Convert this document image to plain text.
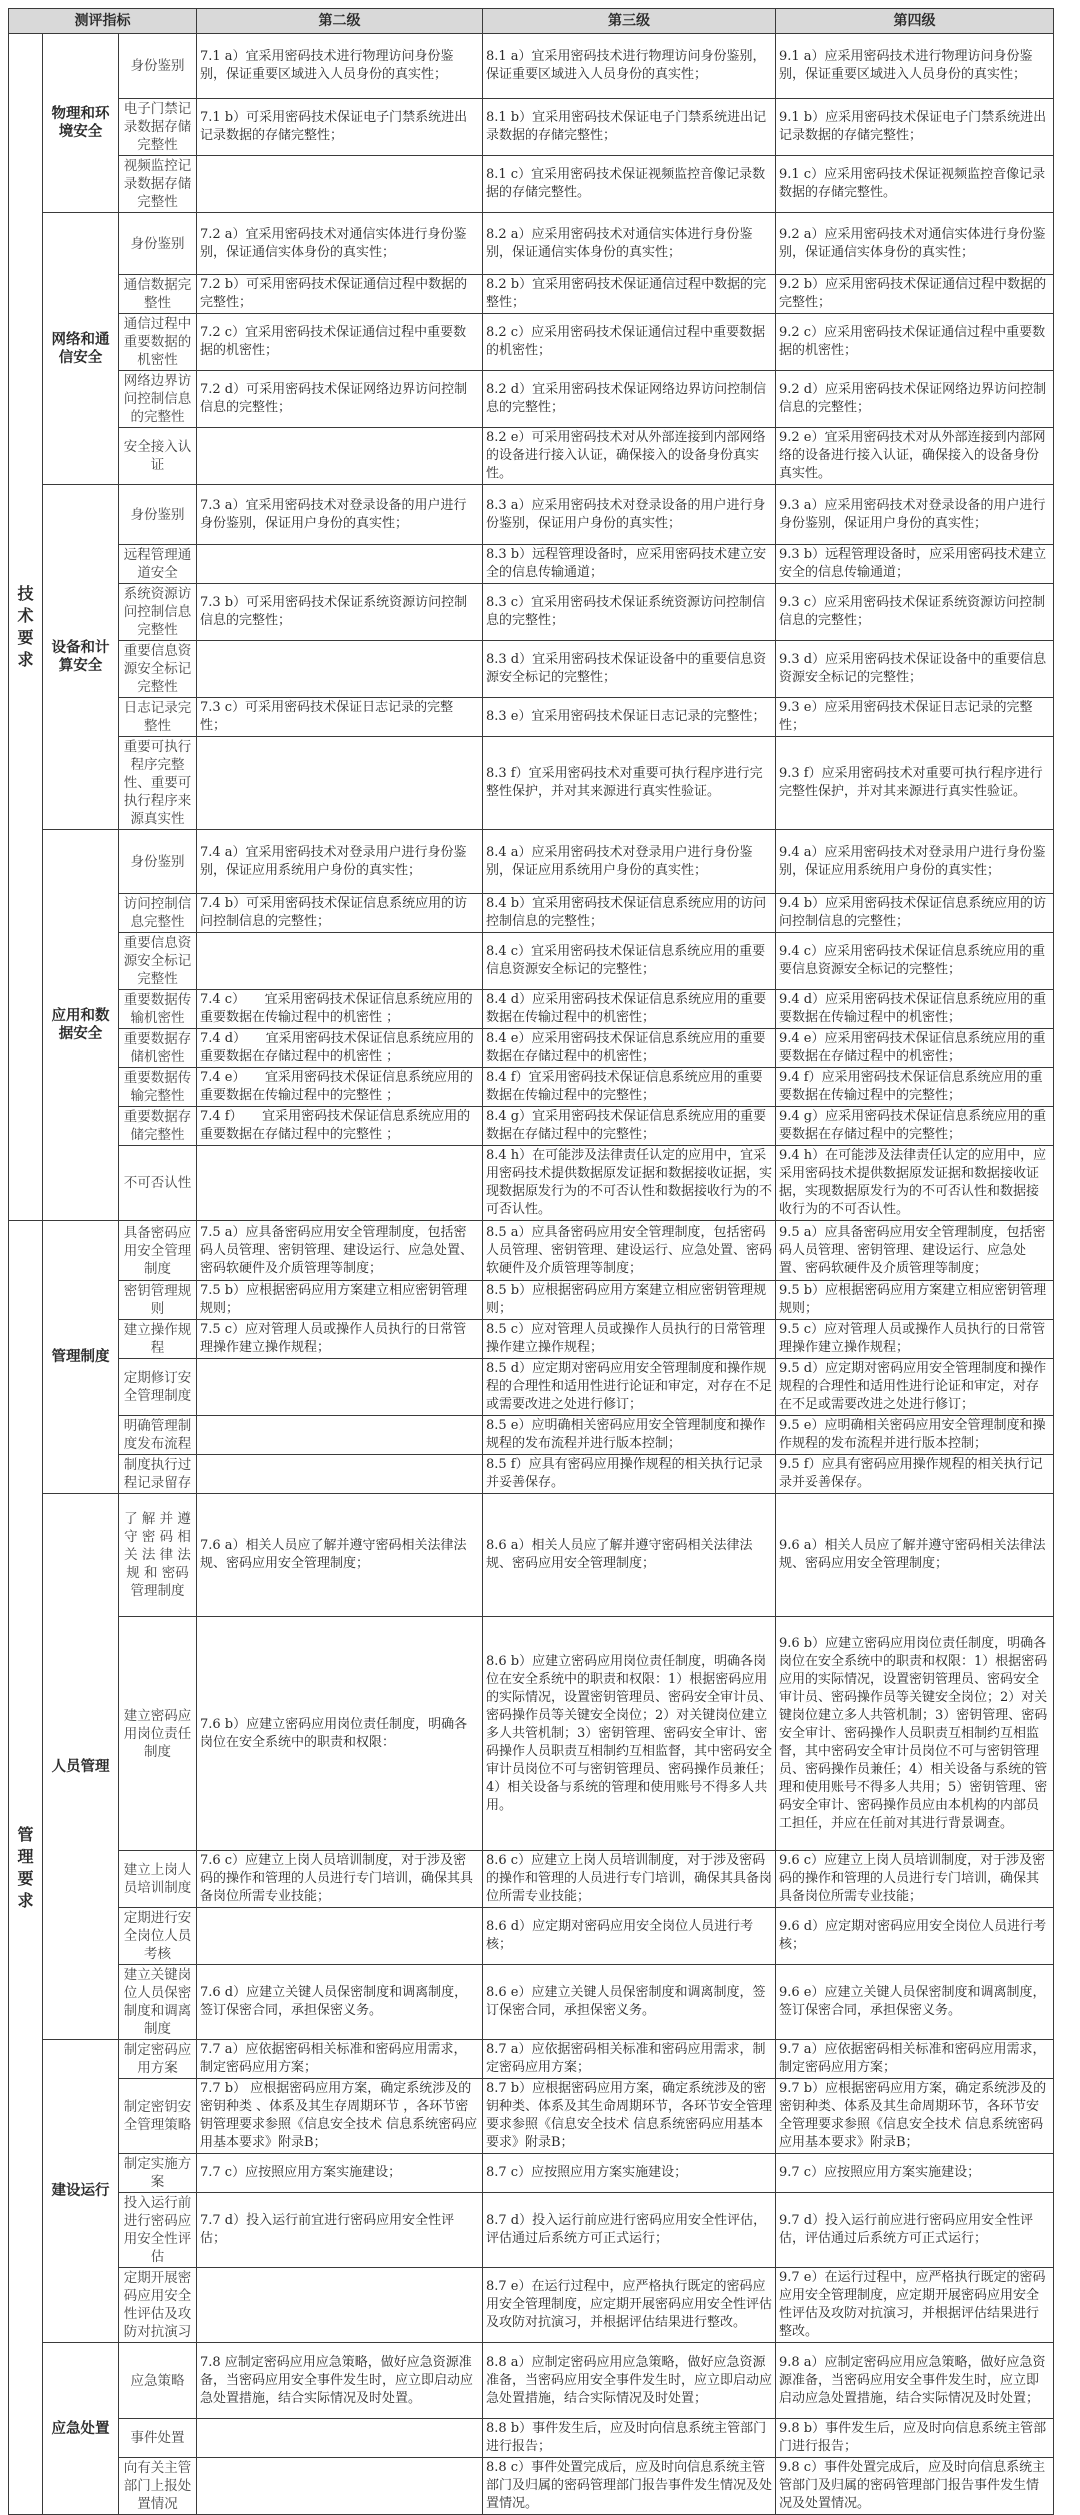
测评指标			第二级	第三级	第四级
技术要求	物理和环境安全	身份鉴别	7.1 a）宜采用密码技术进行物理访问身份鉴别，保证重要区域进入人员身份的真实性；	8.1 a）宜采用密码技术进行物理访问身份鉴别，保证重要区域进入人员身份的真实性；	9.1 a）应采用密码技术进行物理访问身份鉴别，保证重要区域进入人员身份的真实性；
		电子门禁记录数据存储完整性	7.1 b）可采用密码技术保证电子门禁系统进出记录数据的存储完整性；	8.1 b）宜采用密码技术保证电子门禁系统进出记录数据的存储完整性；	9.1 b）应采用密码技术保证电子门禁系统进出记录数据的存储完整性；
		视频监控记录数据存储完整性		8.1 c）宜采用密码技术保证视频监控音像记录数据的存储完整性。	9.1 c）应采用密码技术保证视频监控音像记录数据的存储完整性。
	网络和通信安全	身份鉴别	7.2 a）宜采用密码技术对通信实体进行身份鉴别，保证通信实体身份的真实性；	8.2 a）应采用密码技术对通信实体进行身份鉴别，保证通信实体身份的真实性；	9.2 a）应采用密码技术对通信实体进行身份鉴别，保证通信实体身份的真实性；
		通信数据完整性	7.2 b）可采用密码技术保证通信过程中数据的完整性；	8.2 b）宜采用密码技术保证通信过程中数据的完整性；	9.2 b）应采用密码技术保证通信过程中数据的完整性；
		通信过程中重要数据的机密性	7.2 c）宜采用密码技术保证通信过程中重要数据的机密性；	8.2 c）应采用密码技术保证通信过程中重要数据的机密性；	9.2 c）应采用密码技术保证通信过程中重要数据的机密性；
		网络边界访问控制信息的完整性	7.2 d）可采用密码技术保证网络边界访问控制信息的完整性；	8.2 d）宜采用密码技术保证网络边界访问控制信息的完整性；	9.2 d）应采用密码技术保证网络边界访问控制信息的完整性；
		安全接入认证		8.2 e）可采用密码技术对从外部连接到内部网络的设备进行接入认证，确保接入的设备身份真实性。	9.2 e）宜采用密码技术对从外部连接到内部网络的设备进行接入认证，确保接入的设备身份真实性。
	设备和计算安全	身份鉴别	7.3 a）宜采用密码技术对登录设备的用户进行身份鉴别，保证用户身份的真实性；	8.3 a）应采用密码技术对登录设备的用户进行身份鉴别，保证用户身份的真实性；	9.3 a）应采用密码技术对登录设备的用户进行身份鉴别，保证用户身份的真实性；
		远程管理通道安全		8.3 b）远程管理设备时，应采用密码技术建立安全的信息传输通道；	9.3 b）远程管理设备时，应采用密码技术建立安全的信息传输通道；
		系统资源访问控制信息完整性	7.3 b）可采用密码技术保证系统资源访问控制信息的完整性；	8.3 c）宜采用密码技术保证系统资源访问控制信息的完整性；	9.3 c）应采用密码技术保证系统资源访问控制信息的完整性；
		重要信息资源安全标记完整性		8.3 d）宜采用密码技术保证设备中的重要信息资源安全标记的完整性；	9.3 d）应采用密码技术保证设备中的重要信息资源安全标记的完整性；
		日志记录完整性	7.3 c）可采用密码技术保证日志记录的完整性；	8.3 e）宜采用密码技术保证日志记录的完整性；	9.3 e）应采用密码技术保证日志记录的完整性；
		重要可执行程序完整性、重要可执行程序来源真实性		8.3 f）宜采用密码技术对重要可执行程序进行完整性保护，并对其来源进行真实性验证。	9.3 f）应采用密码技术对重要可执行程序进行完整性保护，并对其来源进行真实性验证。
	应用和数据安全	身份鉴别	7.4 a）宜采用密码技术对登录用户进行身份鉴别，保证应用系统用户身份的真实性；	8.4 a）应采用密码技术对登录用户进行身份鉴别，保证应用系统用户身份的真实性；	9.4 a）应采用密码技术对登录用户进行身份鉴别，保证应用系统用户身份的真实性；
		访问控制信息完整性	7.4 b）可采用密码技术保证信息系统应用的访问控制信息的完整性；	8.4 b）宜采用密码技术保证信息系统应用的访问控制信息的完整性；	9.4 b）应采用密码技术保证信息系统应用的访问控制信息的完整性；
		重要信息资源安全标记完整性		8.4 c）宜采用密码技术保证信息系统应用的重要信息资源安全标记的完整性；	9.4 c）应采用密码技术保证信息系统应用的重要信息资源安全标记的完整性；
		重要数据传输机密性	7.4 c）　　宜采用密码技术保证信息系统应用的重要数据在传输过程中的机密性 ；	8.4 d）应采用密码技术保证信息系统应用的重要数据在传输过程中的机密性；	9.4 d）应采用密码技术保证信息系统应用的重要数据在传输过程中的机密性；
		重要数据存储机密性	7.4 d）　　宜采用密码技术保证信息系统应用的重要数据在存储过程中的机密性 ；	8.4 e）应采用密码技术保证信息系统应用的重要数据在存储过程中的机密性；	9.4 e）应采用密码技术保证信息系统应用的重要数据在存储过程中的机密性；
		重要数据传输完整性	7.4 e）　　宜采用密码技术保证信息系统应用的重要数据在传输过程中的完整性 ；	8.4 f）宜采用密码技术保证信息系统应用的重要数据在传输过程中的完整性；	9.4 f）应采用密码技术保证信息系统应用的重要数据在传输过程中的完整性；
		重要数据存储完整性	7.4 f）　　宜采用密码技术保证信息系统应用的重要数据在存储过程中的完整性 ；	8.4 g）宜采用密码技术保证信息系统应用的重要数据在存储过程中的完整性；	9.4 g）应采用密码技术保证信息系统应用的重要数据在存储过程中的完整性；
		不可否认性		8.4 h）在可能涉及法律责任认定的应用中，宜采用密码技术提供数据原发证据和数据接收证据，实现数据原发行为的不可否认性和数据接收行为的不可否认性。	9.4 h）在可能涉及法律责任认定的应用中，应采用密码技术提供数据原发证据和数据接收证据，实现数据原发行为的不可否认性和数据接收行为的不可否认性。
管理要求	管理制度	具备密码应用安全管理制度	7.5 a）应具备密码应用安全管理制度，包括密码人员管理、密钥管理、建设运行、应急处置、密码软硬件及介质管理等制度；	8.5 a）应具备密码应用安全管理制度，包括密码人员管理、密钥管理、建设运行、应急处置、密码软硬件及介质管理等制度；	9.5 a）应具备密码应用安全管理制度，包括密码人员管理、密钥管理、建设运行、应急处置、密码软硬件及介质管理等制度；
		密钥管理规则	7.5 b）应根据密码应用方案建立相应密钥管理规则；	8.5 b）应根据密码应用方案建立相应密钥管理规则；	9.5 b）应根据密码应用方案建立相应密钥管理规则；
		建立操作规程	7.5 c）应对管理人员或操作人员执行的日常管理操作建立操作规程；	8.5 c）应对管理人员或操作人员执行的日常管理操作建立操作规程；	9.5 c）应对管理人员或操作人员执行的日常管理操作建立操作规程；
		定期修订安全管理制度		8.5 d）应定期对密码应用安全管理制度和操作规程的合理性和适用性进行论证和审定，对存在不足或需要改进之处进行修订；	9.5 d）应定期对密码应用安全管理制度和操作规程的合理性和适用性进行论证和审定，对存在不足或需要改进之处进行修订；
		明确管理制度发布流程		8.5 e）应明确相关密码应用安全管理制度和操作规程的发布流程并进行版本控制；	9.5 e）应明确相关密码应用安全管理制度和操作规程的发布流程并进行版本控制；
		制度执行过程记录留存		8.5 f）应具有密码应用操作规程的相关执行记录并妥善保存。	9.5 f）应具有密码应用操作规程的相关执行记录并妥善保存。
	人员管理	了 解 并 遵 守 密 码 相 关 法 律 法 规 和 密码管理制度	7.6 a）相关人员应了解并遵守密码相关法律法规、密码应用安全管理制度；	8.6 a）相关人员应了解并遵守密码相关法律法规、密码应用安全管理制度；	9.6 a）相关人员应了解并遵守密码相关法律法规、密码应用安全管理制度；
		建立密码应用岗位责任制度	7.6 b）应建立密码应用岗位责任制度，明确各岗位在安全系统中的职责和权限：	8.6 b）应建立密码应用岗位责任制度，明确各岗位在安全系统中的职责和权限：1）根据密码应用的实际情况，设置密钥管理员、密码安全审计员、密码操作员等关键安全岗位；2）对关键岗位建立多人共管机制；3）密钥管理、密码安全审计、密码操作人员职责互相制约互相监督，其中密码安全审计员岗位不可与密钥管理员、密码操作员兼任；4）相关设备与系统的管理和使用账号不得多人共用。	9.6 b）应建立密码应用岗位责任制度，明确各岗位在安全系统中的职责和权限：1）根据密码应用的实际情况，设置密钥管理员、密码安全审计员、密码操作员等关键安全岗位；2）对关键岗位建立多人共管机制；3）密钥管理、密码安全审计、密码操作人员职责互相制约互相监督，其中密码安全审计员岗位不可与密钥管理员、密码操作员兼任；4）相关设备与系统的管理和使用账号不得多人共用；5）密钥管理、密码安全审计、密码操作员应由本机构的内部员工担任，并应在任前对其进行背景调查。
		建立上岗人员培训制度	7.6 c）应建立上岗人员培训制度，对于涉及密码的操作和管理的人员进行专门培训，确保其具备岗位所需专业技能；	8.6 c）应建立上岗人员培训制度，对于涉及密码的操作和管理的人员进行专门培训，确保其具备岗位所需专业技能；	9.6 c）应建立上岗人员培训制度，对于涉及密码的操作和管理的人员进行专门培训，确保其具备岗位所需专业技能；
		定期进行安全岗位人员考核		8.6 d）应定期对密码应用安全岗位人员进行考核；	9.6 d）应定期对密码应用安全岗位人员进行考核；
		建立关键岗位人员保密制度和调离制度	7.6 d）应建立关键人员保密制度和调离制度，签订保密合同，承担保密义务。	8.6 e）应建立关键人员保密制度和调离制度，签订保密合同，承担保密义务。	9.6 e）应建立关键人员保密制度和调离制度，签订保密合同，承担保密义务。
	建设运行	制定密码应用方案	7.7 a）应依据密码相关标准和密码应用需求，制定密码应用方案；	8.7 a）应依据密码相关标准和密码应用需求，制定密码应用方案；	9.7 a）应依据密码相关标准和密码应用需求，制定密码应用方案；
		制定密钥安全管理策略	7.7 b） 应根据密码应用方案，确定系统涉及的密钥种类 、体系及其生存周期环节 ，各环节密钥管理要求参照《信息安全技术 信息系统密码应用基本要求》附录B；	8.7 b）应根据密码应用方案，确定系统涉及的密钥种类、体系及其生命周期环节，各环节安全管理要求参照《信息安全技术 信息系统密码应用基本要求》附录B；	9.7 b）应根据密码应用方案，确定系统涉及的密钥种类、体系及其生命周期环节，各环节安全管理要求参照《信息安全技术 信息系统密码应用基本要求》附录B；
		制定实施方案	7.7 c）应按照应用方案实施建设；	8.7 c）应按照应用方案实施建设；	9.7 c）应按照应用方案实施建设；
		投入运行前进行密码应用安全性评估	7.7 d）投入运行前宜进行密码应用安全性评估；	8.7 d）投入运行前应进行密码应用安全性评估，评估通过后系统方可正式运行；	9.7 d）投入运行前应进行密码应用安全性评估，评估通过后系统方可正式运行；
		定期开展密码应用安全性评估及攻防对抗演习		8.7 e）在运行过程中，应严格执行既定的密码应用安全管理制度，应定期开展密码应用安全性评估及攻防对抗演习，并根据评估结果进行整改。	9.7 e）在运行过程中，应严格执行既定的密码应用安全管理制度，应定期开展密码应用安全性评估及攻防对抗演习，并根据评估结果进行整改。
	应急处置	应急策略	7.8 应制定密码应用应急策略，做好应急资源准备，当密码应用安全事件发生时，应立即启动应急处置措施，结合实际情况及时处置。	8.8 a）应制定密码应用应急策略，做好应急资源准备，当密码应用安全事件发生时，应立即启动应急处置措施，结合实际情况及时处置；	9.8 a）应制定密码应用应急策略，做好应急资源准备，当密码应用安全事件发生时，应立即启动应急处置措施，结合实际情况及时处置；
		事件处置		8.8 b）事件发生后，应及时向信息系统主管部门进行报告；	9.8 b）事件发生后，应及时向信息系统主管部门进行报告；
		向有关主管部门上报处置情况		8.8 c）事件处置完成后，应及时向信息系统主管部门及归属的密码管理部门报告事件发生情况及处置情况。	9.8 c）事件处置完成后，应及时向信息系统主管部门及归属的密码管理部门报告事件发生情况及处置情况。
